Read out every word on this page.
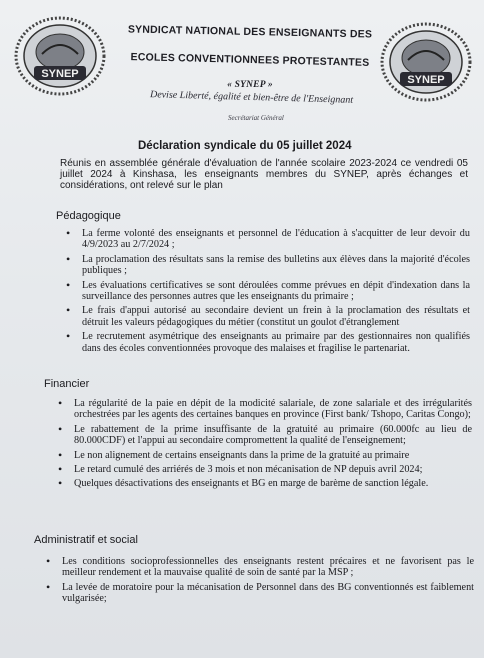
SYNEP	SYNEP
SYNDICAT NATIONAL DES ENSEIGNANTS DES
ECOLES CONVENTIONNEES PROTESTANTES
« SYNEP »
Devise Liberté, égalité et bien-être de l'Enseignant
Secrétariat Général
Déclaration syndicale du 05 juillet 2024
Réunis en assemblée générale d'évaluation de l'année scolaire 2023-2024 ce vendredi 05 juillet 2024 à Kinshasa, les enseignants membres du SYNEP, après échanges et considérations, ont relevé sur le plan
Pédagogique
• La ferme volonté des enseignants et personnel de l'éducation à s'acquitter de leur devoir du 4/9/2023 au 2/7/2024 ;
• La proclamation des résultats sans la remise des bulletins aux élèves dans la majorité d'écoles publiques ;
• Les évaluations certificatives se sont déroulées comme prévues en dépit d'indexation dans la surveillance des personnes autres que les enseignants du primaire ;
• Le frais d'appui autorisé au secondaire devient un frein à la proclamation des résultats et détruit les valeurs pédagogiques du métier (constitut un goulot d'étranglement
• Le recrutement asymétrique des enseignants au primaire par des gestionnaires non qualifiés dans des écoles conventionnées provoque des malaises et fragilise le partenariat.
Financier
• La régularité de la paie en dépit de la modicité salariale, de zone salariale et des irrégularités orchestrées par les agents des certaines banques en province (First bank/ Tshopo, Caritas Congo);
• Le rabattement de la prime insuffisante de la gratuité au primaire (60.000fc au lieu de 80.000CDF) et l'appui au secondaire compromettent la qualité de l'enseignement;
• Le non alignement de certains enseignants dans la prime de la gratuité au primaire
• Le retard cumulé des arriérés de 3 mois et non mécanisation de NP depuis avril 2024;
• Quelques désactivations des enseignants et BG en marge de barème de sanction légale.
Administratif et social
• Les conditions socioprofessionnelles des enseignants restent précaires et ne favorisent pas le meilleur rendement et la mauvaise qualité de soin de santé par la MSP ;
• La levée de moratoire pour la mécanisation de Personnel dans des BG conventionnés est faiblement vulgarisée;
